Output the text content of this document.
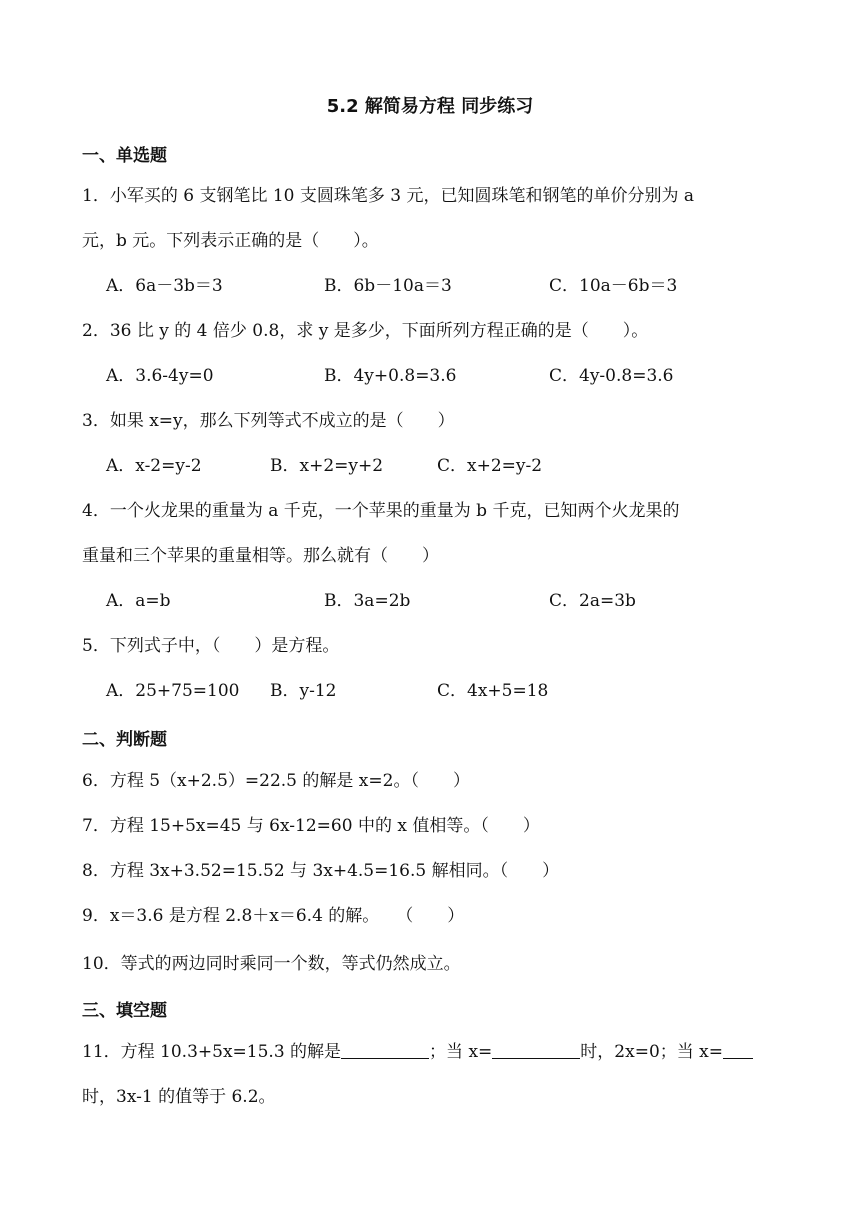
5.2 解简易方程 同步练习
一、单选题
1．小军买的 6 支钢笔比 10 支圆珠笔多 3 元，已知圆珠笔和钢笔的单价分别为 a
元，b 元。下列表示正确的是（　　）。
A．6a－3b＝3	B．6b－10a＝3	C．10a－6b＝3
2．36 比 y 的 4 倍少 0.8，求 y 是多少，下面所列方程正确的是（　　）。
A．3.6-4y=0	B．4y+0.8=3.6	C．4y-0.8=3.6
3．如果 x=y，那么下列等式不成立的是（　　）
A．x-2=y-2	B．x+2=y+2	C．x+2=y-2
4．一个火龙果的重量为 a 千克，一个苹果的重量为 b 千克，已知两个火龙果的
重量和三个苹果的重量相等。那么就有（　　）
A．a=b	B．3a=2b	C．2a=3b
5．下列式子中，（　　）是方程。
A．25+75=100 B．y-12	C．4x+5=18
二、判断题
6．方程 5（x+2.5）=22.5 的解是 x=2。（　　）
7．方程 15+5x=45 与 6x-12=60 中的 x 值相等。（　　）
8．方程 3x+3.52=15.52 与 3x+4.5=16.5 解相同。（　　）
9．x＝3.6 是方程 2.8＋x＝6.4 的解。　　（　　）
10．等式的两边同时乘同一个数，等式仍然成立。
三、填空题
11．方程 10.3+5x=15.3 的解是	；当 x=	时，2x=0；当 x=
时，3x-1 的值等于 6.2。
